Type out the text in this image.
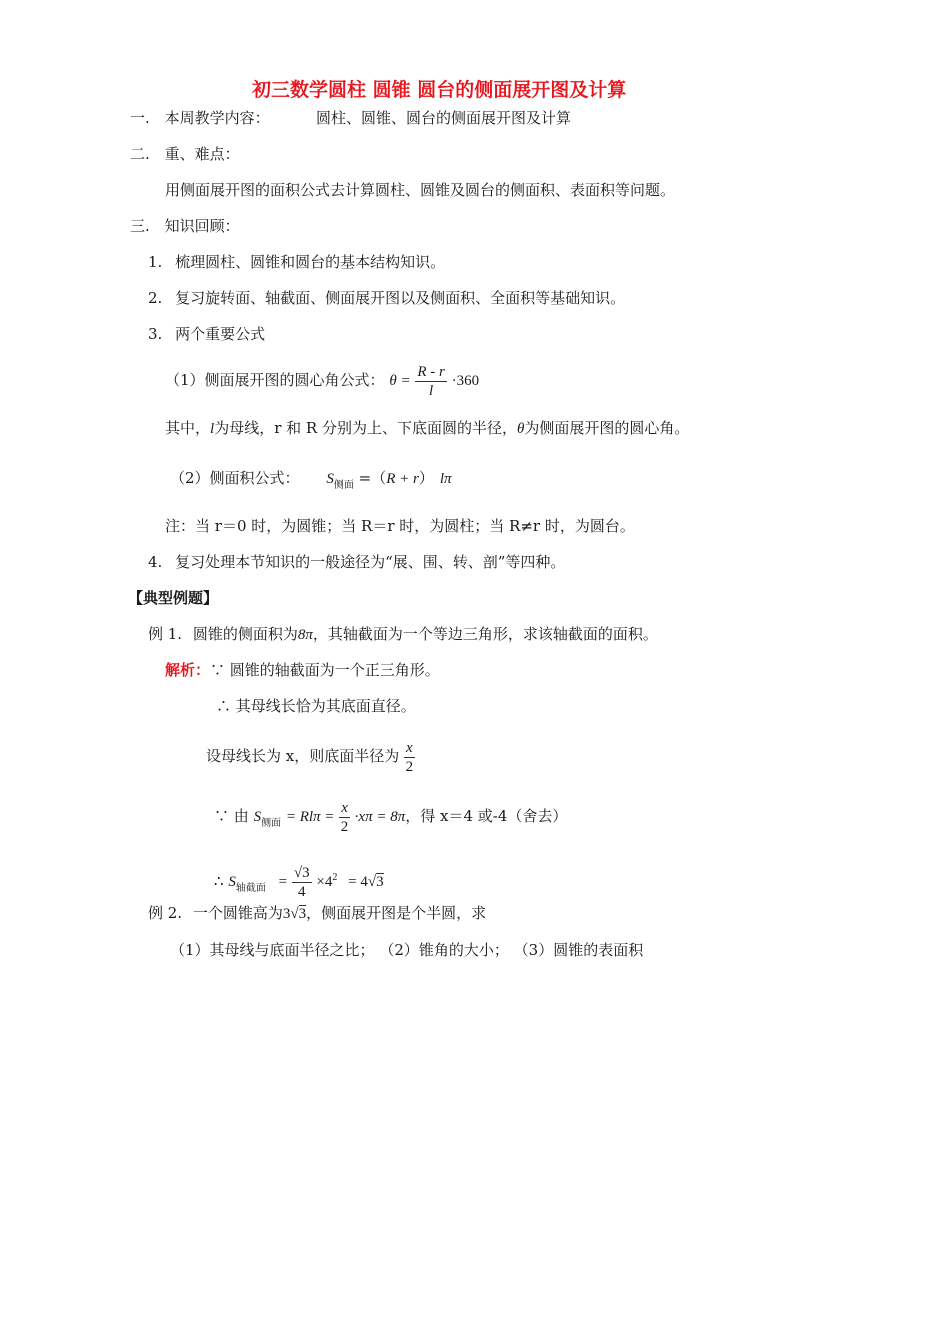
初三数学圆柱 圆锥 圆台的侧面展开图及计算
一. 本周教学内容：	圆柱、圆锥、圆台的侧面展开图及计算
二. 重、难点：
用侧面展开图的面积公式去计算圆柱、圆锥及圆台的侧面积、表面积等问题。
三. 知识回顾：
1. 梳理圆柱、圆锥和圆台的基本结构知识。
2. 复习旋转面、轴截面、侧面展开图以及侧面积、全面积等基础知识。
3. 两个重要公式
（1）侧面展开图的圆心角公式： $\theta = \frac{R - r}{l} \cdot 360$
其中，l为母线，r 和 R 分别为上、下底面圆的半径，θ为侧面展开图的圆心角。
（2）侧面积公式： $S_{侧面} =(R + r)$ lπ
注：当 r＝0 时，为圆锥；当 R＝r 时，为圆柱；当 R≠r 时，为圆台。
4. 复习处理本节知识的一般途径为“展、围、转、剖”等四种。
【典型例题】
例 1. 圆锥的侧面积为8π，其轴截面为一个等边三角形，求该轴截面的面积。
解析：∵ 圆锥的轴截面为一个正三角形。
∴ 其母线长恰为其底面直径。
设母线长为 x，则底面半径为 $\frac{x}{2}$
∵ 由 $S_{侧面} = Rl\pi = \frac{x}{2} \cdot x\pi = 8\pi$，得 x＝4 或-4（舍去）
∴ $S_{轴截面} = \frac{√3}{4} \times 4^2 = 4√3$
例 2. 一个圆锥高为3√3，侧面展开图是个半圆，求
（1）其母线与底面半径之比； （2）锥角的大小； （3）圆锥的表面积
